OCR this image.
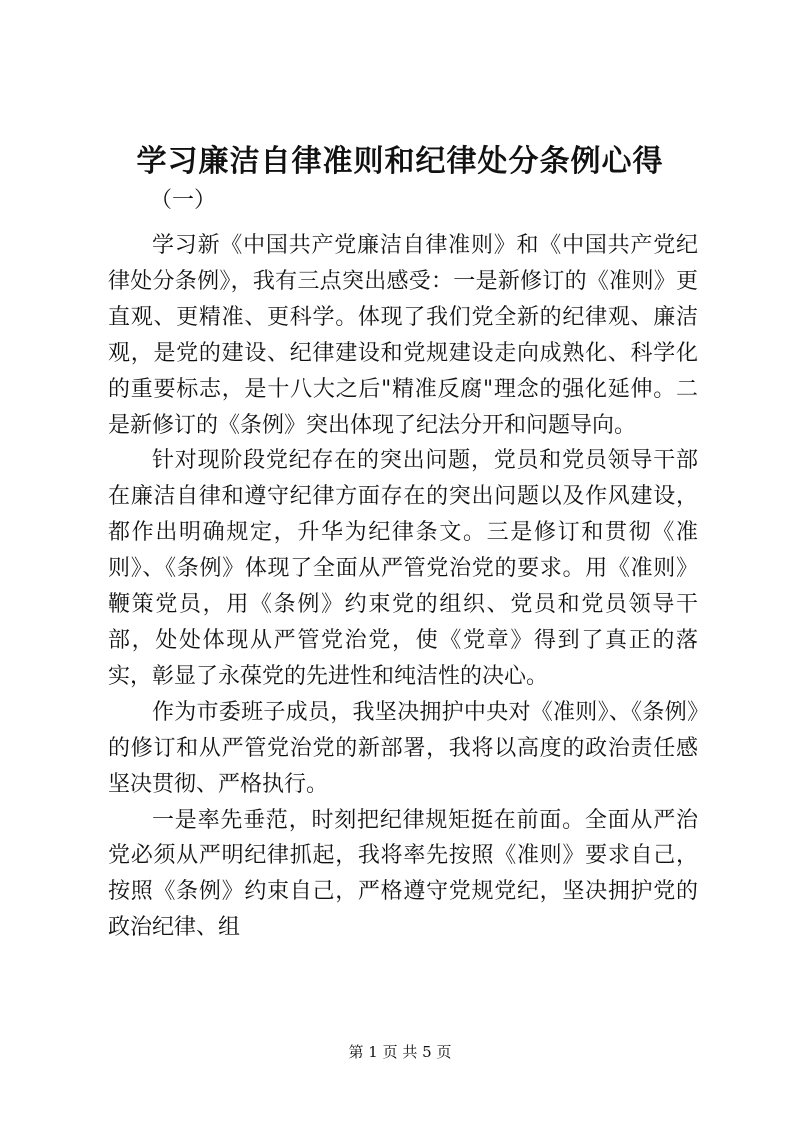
学习廉洁自律准则和纪律处分条例心得

（一）

学习新《中国共产党廉洁自律准则》和《中国共产党纪律处分条例》，我有三点突出感受：一是新修订的《准则》更直观、更精准、更科学。体现了我们党全新的纪律观、廉洁观，是党的建设、纪律建设和党规建设走向成熟化、科学化的重要标志，是十八大之后"精准反腐"理念的强化延伸。二是新修订的《条例》突出体现了纪法分开和问题导向。

针对现阶段党纪存在的突出问题，党员和党员领导干部在廉洁自律和遵守纪律方面存在的突出问题以及作风建设，都作出明确规定，升华为纪律条文。三是修订和贯彻《准则》、《条例》体现了全面从严管党治党的要求。用《准则》鞭策党员，用《条例》约束党的组织、党员和党员领导干部，处处体现从严管党治党，使《党章》得到了真正的落实，彰显了永葆党的先进性和纯洁性的决心。

作为市委班子成员，我坚决拥护中央对《准则》、《条例》的修订和从严管党治党的新部署，我将以高度的政治责任感坚决贯彻、严格执行。

一是率先垂范，时刻把纪律规矩挺在前面。全面从严治党必须从严明纪律抓起，我将率先按照《准则》要求自己，按照《条例》约束自己，严格遵守党规党纪，坚决拥护党的政治纪律、组

第 1 页 共 5 页
